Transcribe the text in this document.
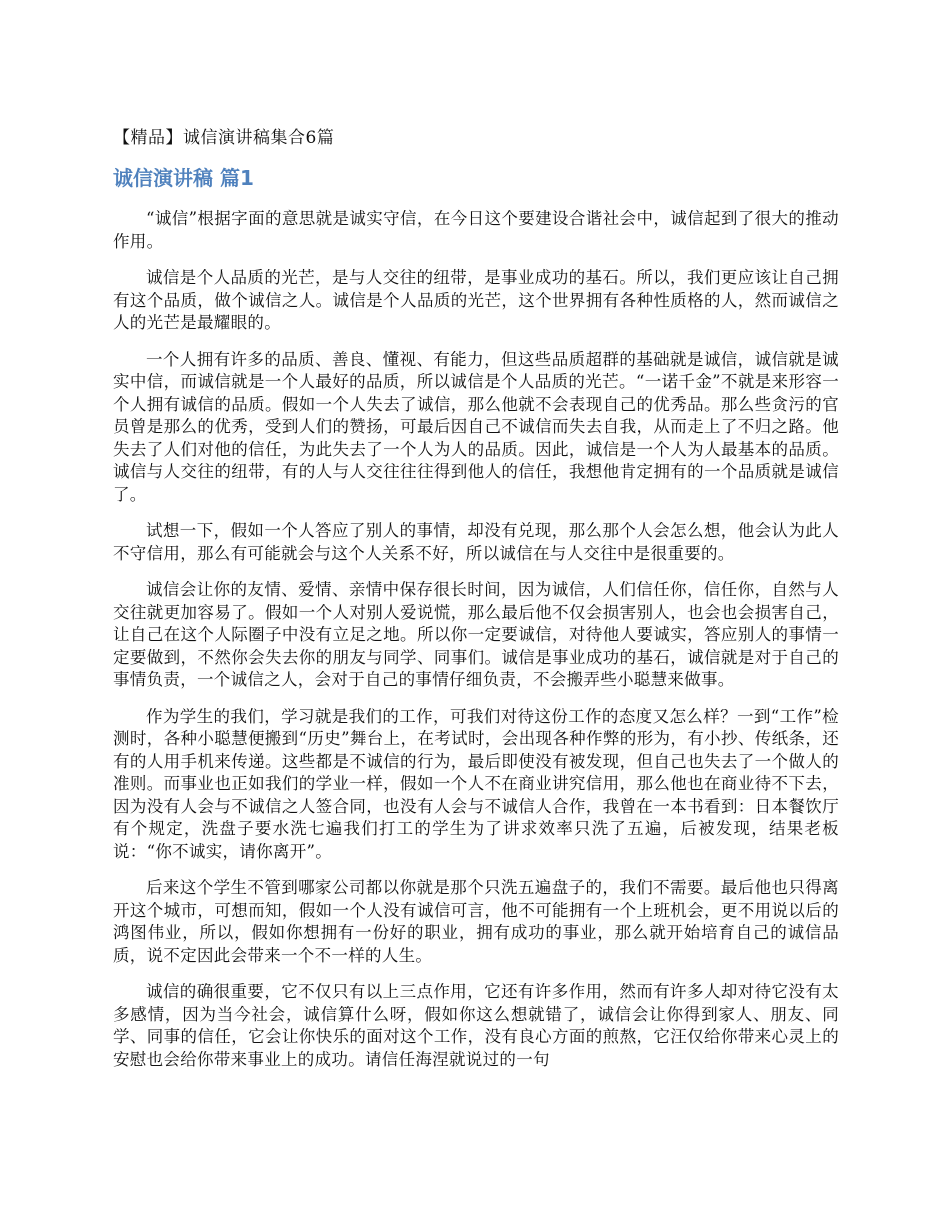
【精品】诚信演讲稿集合6篇
诚信演讲稿 篇1

“诚信”根据字面的意思就是诚实守信，在今日这个要建设合谐社会中，诚信起到了很大的推动作用。

诚信是个人品质的光芒，是与人交往的纽带，是事业成功的基石。所以，我们更应该让自己拥有这个品质，做个诚信之人。诚信是个人品质的光芒，这个世界拥有各种性质格的人，然而诚信之人的光芒是最耀眼的。

一个人拥有许多的品质、善良、懂视、有能力，但这些品质超群的基础就是诚信，诚信就是诚实中信，而诚信就是一个人最好的品质，所以诚信是个人品质的光芒。“一诺千金”不就是来形容一个人拥有诚信的品质。假如一个人失去了诚信，那么他就不会表现自己的优秀品。那么些贪污的官员曾是那么的优秀，受到人们的赞扬，可最后因自己不诚信而失去自我，从而走上了不归之路。他失去了人们对他的信任，为此失去了一个人为人的品质。因此，诚信是一个人为人最基本的品质。诚信与人交往的纽带，有的人与人交往往往得到他人的信任，我想他肯定拥有的一个品质就是诚信了。

试想一下，假如一个人答应了别人的事情，却没有兑现，那么那个人会怎么想，他会认为此人不守信用，那么有可能就会与这个人关系不好，所以诚信在与人交往中是很重要的。

诚信会让你的友情、爱情、亲情中保存很长时间，因为诚信，人们信任你，信任你，自然与人交往就更加容易了。假如一个人对别人爱说慌，那么最后他不仅会损害别人，也会也会损害自己，让自己在这个人际圈子中没有立足之地。所以你一定要诚信，对待他人要诚实，答应别人的事情一定要做到，不然你会失去你的朋友与同学、同事们。诚信是事业成功的基石，诚信就是对于自己的事情负责，一个诚信之人，会对于自己的事情仔细负责，不会搬弄些小聪慧来做事。

作为学生的我们，学习就是我们的工作，可我们对待这份工作的态度又怎么样？一到“工作”检测时，各种小聪慧便搬到“历史”舞台上，在考试时，会出现各种作弊的形为，有小抄、传纸条，还有的人用手机来传递。这些都是不诚信的行为，最后即使没有被发现，但自己也失去了一个做人的准则。而事业也正如我们的学业一样，假如一个人不在商业讲究信用，那么他也在商业待不下去，因为没有人会与不诚信之人签合同，也没有人会与不诚信人合作，我曾在一本书看到：日本餐饮厅有个规定，洗盘子要水洗七遍我们打工的学生为了讲求效率只洗了五遍，后被发现，结果老板说：“你不诚实，请你离开”。

后来这个学生不管到哪家公司都以你就是那个只洗五遍盘子的，我们不需要。最后他也只得离开这个城市，可想而知，假如一个人没有诚信可言，他不可能拥有一个上班机会，更不用说以后的鸿图伟业，所以，假如你想拥有一份好的职业，拥有成功的事业，那么就开始培育自己的诚信品质，说不定因此会带来一个不一样的人生。

诚信的确很重要，它不仅只有以上三点作用，它还有许多作用，然而有许多人却对待它没有太多感情，因为当今社会，诚信算什么呀，假如你这么想就错了，诚信会让你得到家人、朋友、同学、同事的信任，它会让你快乐的面对这个工作，没有良心方面的煎熬，它汪仅给你带来心灵上的安慰也会给你带来事业上的成功。请信任海涅就说过的一句
